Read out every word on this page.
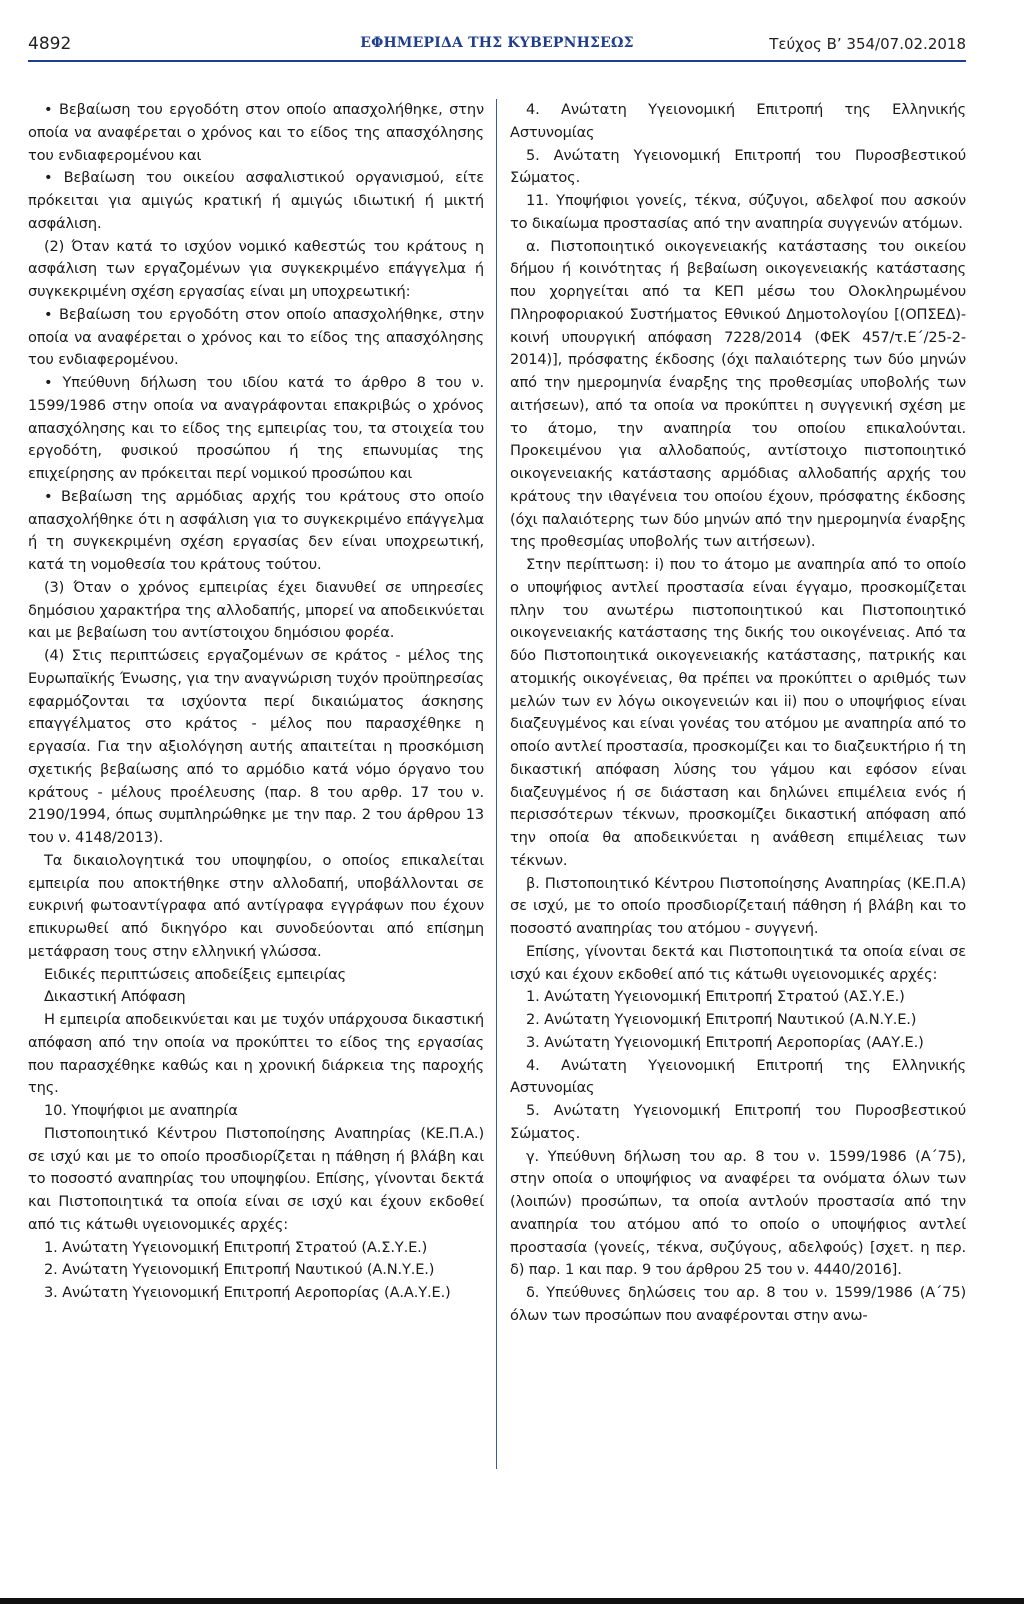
4892	ΕΦΗΜΕΡΙΔΑ ΤΗΣ ΚΥΒΕΡΝΗΣΕΩΣ	Τεύχος Β’ 354/07.02.2018

• Βεβαίωση του εργοδότη στον οποίο απασχολήθηκε, στην οποία να αναφέρεται ο χρόνος και το είδος της απασχόλησης του ενδιαφερομένου και

• Βεβαίωση του οικείου ασφαλιστικού οργανισμού, είτε πρόκειται για αμιγώς κρατική ή αμιγώς ιδιωτική ή μικτή ασφάλιση.

(2) Όταν κατά το ισχύον νομικό καθεστώς του κράτους η ασφάλιση των εργαζομένων για συγκεκριμένο επάγγελμα ή συγκεκριμένη σχέση εργασίας είναι μη υποχρεωτική:

• Βεβαίωση του εργοδότη στον οποίο απασχολήθηκε, στην οποία να αναφέρεται ο χρόνος και το είδος της απασχόλησης του ενδιαφερομένου.

• Υπεύθυνη δήλωση του ιδίου κατά το άρθρο 8 του ν. 1599/1986 στην οποία να αναγράφονται επακριβώς ο χρόνος απασχόλησης και το είδος της εμπειρίας του, τα στοιχεία του εργοδότη, φυσικού προσώπου ή της επωνυμίας της επιχείρησης αν πρόκειται περί νομικού προσώπου και

• Βεβαίωση της αρμόδιας αρχής του κράτους στο οποίο απασχολήθηκε ότι η ασφάλιση για το συγκεκριμένο επάγγελμα ή τη συγκεκριμένη σχέση εργασίας δεν είναι υποχρεωτική, κατά τη νομοθεσία του κράτους τούτου.

(3) Όταν ο χρόνος εμπειρίας έχει διανυθεί σε υπηρεσίες δημόσιου χαρακτήρα της αλλοδαπής, μπορεί να αποδεικνύεται και με βεβαίωση του αντίστοιχου δημόσιου φορέα.

(4) Στις περιπτώσεις εργαζομένων σε κράτος - μέλος της Ευρωπαϊκής Ένωσης, για την αναγνώριση τυχόν προϋπηρεσίας εφαρμόζονται τα ισχύοντα περί δικαιώματος άσκησης επαγγέλματος στο κράτος - μέλος που παρασχέθηκε η εργασία. Για την αξιολόγηση αυτής απαιτείται η προσκόμιση σχετικής βεβαίωσης από το αρμόδιο κατά νόμο όργανο του κράτους - μέλους προέλευσης (παρ. 8 του αρθρ. 17 του ν. 2190/1994, όπως συμπληρώθηκε με την παρ. 2 του άρθρου 13 του ν. 4148/2013).

Τα δικαιολογητικά του υποψηφίου, ο οποίος επικαλείται εμπειρία που αποκτήθηκε στην αλλοδαπή, υποβάλλονται σε ευκρινή φωτοαντίγραφα από αντίγραφα εγγράφων που έχουν επικυρωθεί από δικηγόρο και συνοδεύονται από επίσημη μετάφραση τους στην ελληνική γλώσσα.

Ειδικές περιπτώσεις αποδείξεις εμπειρίας

Δικαστική Απόφαση

Η εμπειρία αποδεικνύεται και με τυχόν υπάρχουσα δικαστική απόφαση από την οποία να προκύπτει το είδος της εργασίας που παρασχέθηκε καθώς και η χρονική διάρκεια της παροχής της.

10. Υποψήφιοι με αναπηρία

Πιστοποιητικό Κέντρου Πιστοποίησης Αναπηρίας (ΚΕ.Π.Α.) σε ισχύ και με το οποίο προσδιορίζεται η πάθηση ή βλάβη και το ποσοστό αναπηρίας του υποψηφίου. Επίσης, γίνονται δεκτά και Πιστοποιητικά τα οποία είναι σε ισχύ και έχουν εκδοθεί από τις κάτωθι υγειονομικές αρχές:

1. Ανώτατη Υγειονομική Επιτροπή Στρατού (Α.Σ.Υ.Ε.)

2. Ανώτατη Υγειονομική Επιτροπή Ναυτικού (Α.Ν.Υ.Ε.)

3. Ανώτατη Υγειονομική Επιτροπή Αεροπορίας (Α.Α.Υ.Ε.)

4. Ανώτατη Υγειονομική Επιτροπή της Ελληνικής Αστυνομίας

5. Ανώτατη Υγειονομική Επιτροπή του Πυροσβεστικού Σώματος.

11. Υποψήφιοι γονείς, τέκνα, σύζυγοι, αδελφοί που ασκούν το δικαίωμα προστασίας από την αναπηρία συγγενών ατόμων.

α. Πιστοποιητικό οικογενειακής κατάστασης του οικείου δήμου ή κοινότητας ή βεβαίωση οικογενειακής κατάστασης που χορηγείται από τα ΚΕΠ μέσω του Ολοκληρωμένου Πληροφοριακού Συστήματος Εθνικού Δημοτολογίου [(ΟΠΣΕΔ)-κοινή υπουργική απόφαση 7228/2014 (ΦΕΚ 457/τ.Ε΄/25-2-2014)], πρόσφατης έκδοσης (όχι παλαιότερης των δύο μηνών από την ημερομηνία έναρξης της προθεσμίας υποβολής των αιτήσεων), από τα οποία να προκύπτει η συγγενική σχέση με το άτομο, την αναπηρία του οποίου επικαλούνται. Προκειμένου για αλλοδαπούς, αντίστοιχο πιστοποιητικό οικογενειακής κατάστασης αρμόδιας αλλοδαπής αρχής του κράτους την ιθαγένεια του οποίου έχουν, πρόσφατης έκδοσης (όχι παλαιότερης των δύο μηνών από την ημερομηνία έναρξης της προθεσμίας υποβολής των αιτήσεων).

Στην περίπτωση: i) που το άτομο με αναπηρία από το οποίο ο υποψήφιος αντλεί προστασία είναι έγγαμο, προσκομίζεται πλην του ανωτέρω πιστοποιητικού και Πιστοποιητικό οικογενειακής κατάστασης της δικής του οικογένειας. Από τα δύο Πιστοποιητικά οικογενειακής κατάστασης, πατρικής και ατομικής οικογένειας, θα πρέπει να προκύπτει ο αριθμός των μελών των εν λόγω οικογενειών και ii) που ο υποψήφιος είναι διαζευγμένος και είναι γονέας του ατόμου με αναπηρία από το οποίο αντλεί προστασία, προσκομίζει και το διαζευκτήριο ή τη δικαστική απόφαση λύσης του γάμου και εφόσον είναι διαζευγμένος ή σε διάσταση και δηλώνει επιμέλεια ενός ή περισσότερων τέκνων, προσκομίζει δικαστική απόφαση από την οποία θα αποδεικνύεται η ανάθεση επιμέλειας των τέκνων.

β. Πιστοποιητικό Κέντρου Πιστοποίησης Αναπηρίας (ΚΕ.Π.Α) σε ισχύ, με το οποίο προσδιορίζεταιή πάθηση ή βλάβη και το ποσοστό αναπηρίας του ατόμου - συγγενή.

Επίσης, γίνονται δεκτά και Πιστοποιητικά τα οποία είναι σε ισχύ και έχουν εκδοθεί από τις κάτωθι υγειονομικές αρχές:

1. Ανώτατη Υγειονομική Επιτροπή Στρατού (ΑΣ.Υ.Ε.)

2. Ανώτατη Υγειονομική Επιτροπή Ναυτικού (Α.Ν.Υ.Ε.)

3. Ανώτατη Υγειονομική Επιτροπή Αεροπορίας (ΑΑΥ.Ε.)

4. Ανώτατη Υγειονομική Επιτροπή της Ελληνικής Αστυνομίας

5. Ανώτατη Υγειονομική Επιτροπή του Πυροσβεστικού Σώματος.

γ. Υπεύθυνη δήλωση του αρ. 8 του ν. 1599/1986 (Α΄75), στην οποία ο υποψήφιος να αναφέρει τα ονόματα όλων των (λοιπών) προσώπων, τα οποία αντλούν προστασία από την αναπηρία του ατόμου από το οποίο ο υποψήφιος αντλεί προστασία (γονείς, τέκνα, συζύγους, αδελφούς) [σχετ. η περ. δ) παρ. 1 και παρ. 9 του άρθρου 25 του ν. 4440/2016].

δ. Υπεύθυνες δηλώσεις του αρ. 8 του ν. 1599/1986 (Α΄75) όλων των προσώπων που αναφέρονται στην ανω-
